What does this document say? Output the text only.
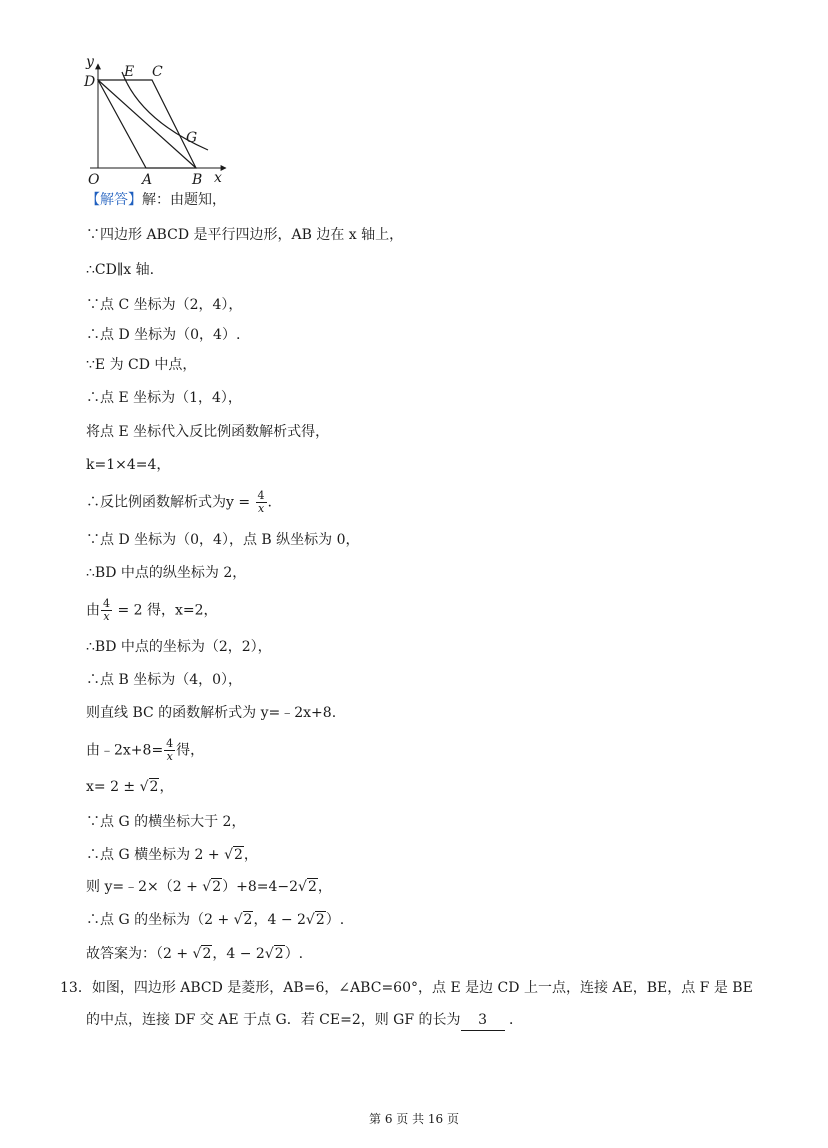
y
D
E C
G
O	A	B x
【解答】解：由题知，
∵四边形 ABCD 是平行四边形，AB 边在 x 轴上，
∴CD∥x 轴.
∵点 C 坐标为（2，4），
∴点 D 坐标为（0，4）.
∵E 为 CD 中点，
∴点 E 坐标为（1，4），
将点 E 坐标代入反比例函数解析式得，
k=1×4=4，
∴反比例函数解析式为$y = \frac{4}{x}$ .
∵点 D 坐标为（0，4），点 B 纵坐标为 0，
∴BD 中点的纵坐标为 2，
由 $\frac{4}{x} = 2$ 得，x=2，
∴BD 中点的坐标为（2，2），
∴点 B 坐标为（4，0），
则直线 BC 的函数解析式为 y=﹣2x+8.
由﹣2x+8= $\frac{4}{x}$ 得，
x= 2 ± √2，
∵点 G 的横坐标大于 2，
∴点 G 横坐标为 2 + √2，
则 y=﹣2×（2 + √2）+8=4−2√2，
∴点 G 的坐标为（2 + √2，4 − 2√2）.
故答案为：（2 + √2，4 − 2√2）.
13．如图，四边形 ABCD 是菱形，AB=6，∠ABC=60°，点 E 是边 CD 上一点，连接 AE，BE，点 F 是 BE
的中点，连接 DF 交 AE 于点 G．若 CE=2，则 GF 的长为 3 ．
第 6 页 共 16 页
